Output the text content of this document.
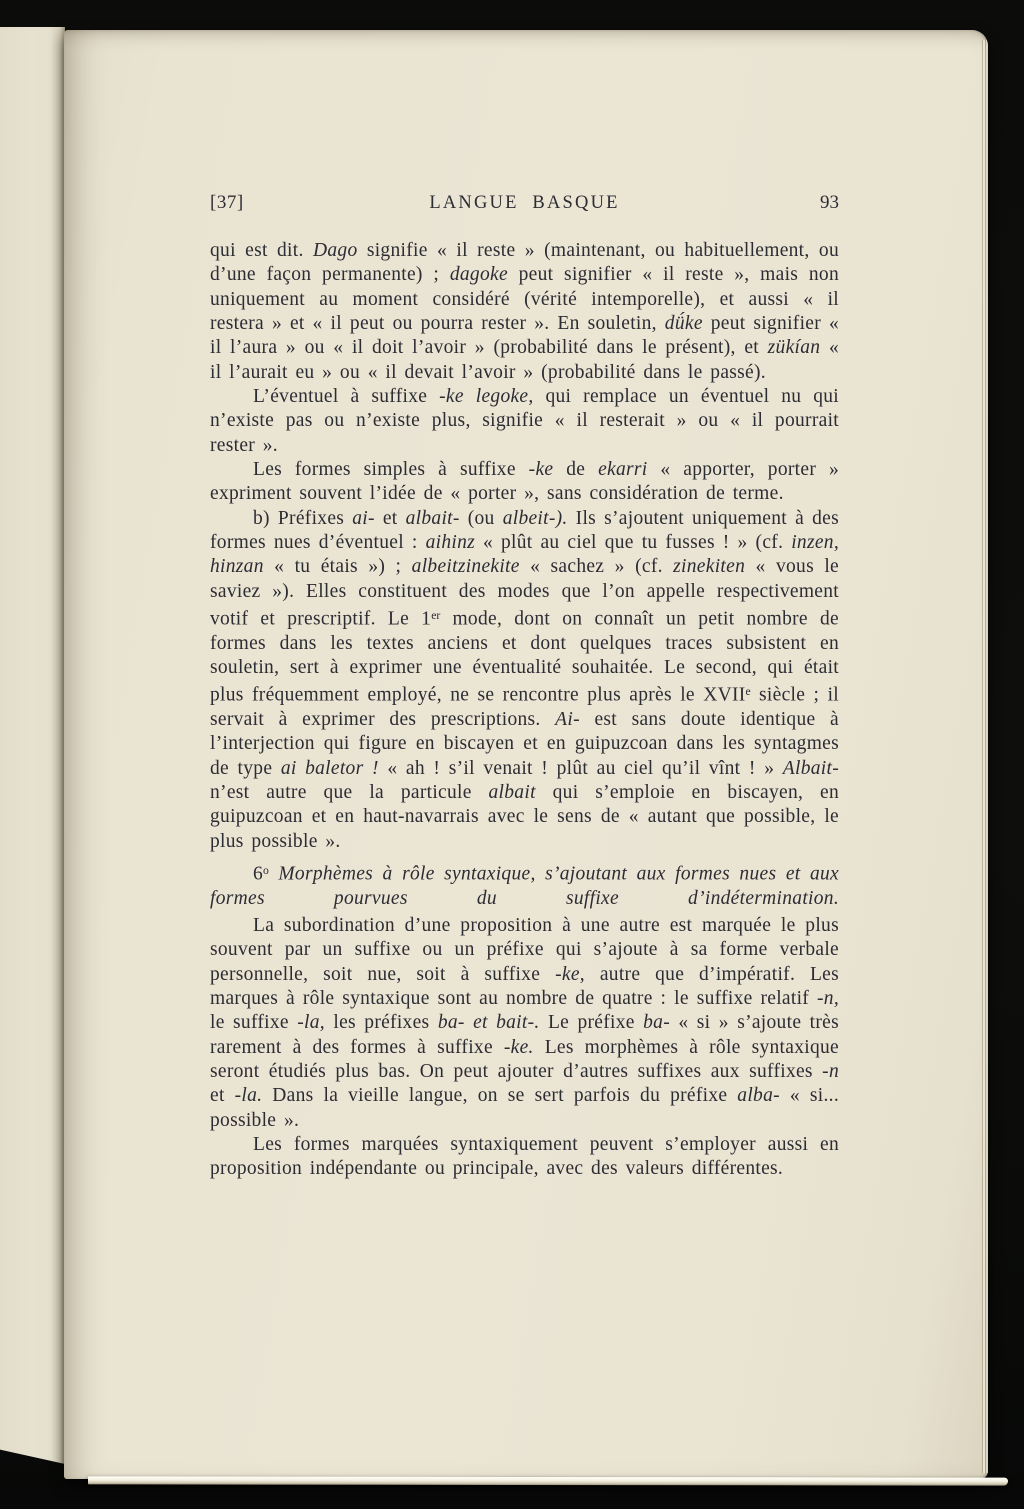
[37]	LANGUE BASQUE	93

qui est dit. Dago signifie « il reste » (maintenant, ou habituellement, ou d’une façon permanente) ; dagoke peut signifier « il reste », mais non uniquement au moment considéré (vérité intemporelle), et aussi « il restera » et « il peut ou pourra rester ». En souletin, dǘke peut signifier « il l’aura » ou « il doit l’avoir » (probabilité dans le présent), et zükían « il l’aurait eu » ou « il devait l’avoir » (probabilité dans le passé).

L’éventuel à suffixe -ke legoke, qui remplace un éventuel nu qui n’existe pas ou n’existe plus, signifie « il resterait » ou « il pourrait rester ».

Les formes simples à suffixe -ke de ekarri « apporter, porter » expriment souvent l’idée de « porter », sans considération de terme.

b) Préfixes ai- et albait- (ou albeit-). Ils s’ajoutent uniquement à des formes nues d’éventuel : aihinz « plût au ciel que tu fusses ! » (cf. inzen, hinzan « tu étais ») ; albeitzinekite « sachez » (cf. zinekiten « vous le saviez »). Elles constituent des modes que l’on appelle respectivement votif et prescriptif. Le 1er mode, dont on connaît un petit nombre de formes dans les textes anciens et dont quelques traces subsistent en souletin, sert à exprimer une éventualité souhaitée. Le second, qui était plus fréquemment employé, ne se rencontre plus après le XVIIe siècle ; il servait à exprimer des prescriptions. Ai- est sans doute identique à l’interjection qui figure en biscayen et en guipuzcoan dans les syntagmes de type ai baletor ! « ah ! s’il venait ! plût au ciel qu’il vînt ! » Albait- n’est autre que la particule albait qui s’emploie en biscayen, en guipuzcoan et en haut-navarrais avec le sens de « autant que possible, le plus possible ».

6$^o$ Morphèmes à rôle syntaxique, s’ajoutant aux formes nues et aux formes pourvues du suffixe d’indétermination.

La subordination d’une proposition à une autre est marquée le plus souvent par un suffixe ou un préfixe qui s’ajoute à sa forme verbale personnelle, soit nue, soit à suffixe -ke, autre que d’impératif. Les marques à rôle syntaxique sont au nombre de quatre : le suffixe relatif -n, le suffixe -la, les préfixes ba- et bait-. Le préfixe ba- « si » s’ajoute très rarement à des formes à suffixe -ke. Les morphèmes à rôle syntaxique seront étudiés plus bas. On peut ajouter d’autres suffixes aux suffixes -n et -la. Dans la vieille langue, on se sert parfois du préfixe alba- « si... possible ».

Les formes marquées syntaxiquement peuvent s’employer aussi en proposition indépendante ou principale, avec des valeurs différentes.
